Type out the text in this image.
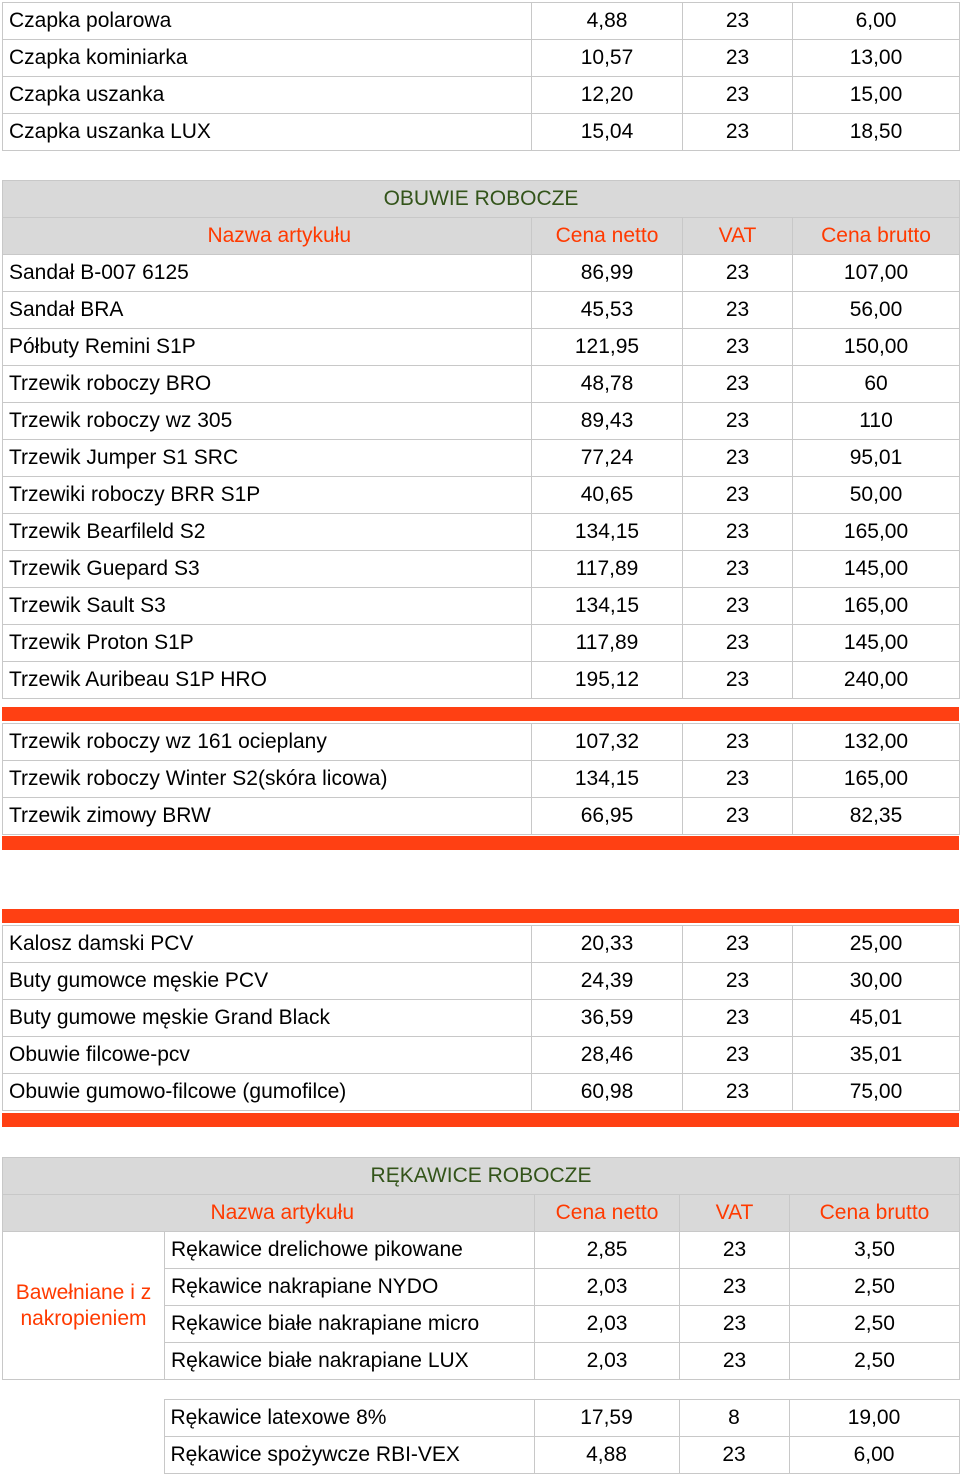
Czapka polarowa	4,88	23	6,00
Czapka kominiarka	10,57	23	13,00
Czapka uszanka	12,20	23	15,00
Czapka uszanka LUX	15,04	23	18,50
OBUWIE ROBOCZE			
Nazwa artykułu	Cena netto	VAT	Cena brutto
Sandał B-007 6125	86,99	23	107,00
Sandał BRA	45,53	23	56,00
Półbuty Remini S1P	121,95	23	150,00
Trzewik roboczy BRO	48,78	23	60
Trzewik roboczy wz 305	89,43	23	110
Trzewik Jumper S1 SRC	77,24	23	95,01
Trzewiki roboczy BRR S1P	40,65	23	50,00
Trzewik Bearfileld S2	134,15	23	165,00
Trzewik Guepard S3	117,89	23	145,00
Trzewik Sault S3	134,15	23	165,00
Trzewik Proton S1P	117,89	23	145,00
Trzewik Auribeau S1P HRO	195,12	23	240,00
Trzewik roboczy wz 161 ocieplany	107,32	23	132,00
Trzewik roboczy Winter S2(skóra licowa)	134,15	23	165,00
Trzewik zimowy BRW	66,95	23	82,35
Kalosz damski PCV	20,33	23	25,00
Buty gumowce męskie PCV	24,39	23	30,00
Buty gumowe męskie Grand Black	36,59	23	45,01
Obuwie filcowe-pcv	28,46	23	35,01
Obuwie gumowo-filcowe (gumofilce)	60,98	23	75,00
RĘKAWICE ROBOCZE				
Nazwa artykułu		Cena netto	VAT	Cena brutto
Bawełniane i z nakropieniem	Rękawice drelichowe pikowane	2,85	23	3,50
	Rękawice nakrapiane NYDO	2,03	23	2,50
	Rękawice białe nakrapiane micro	2,03	23	2,50
	Rękawice białe nakrapiane LUX	2,03	23	2,50
	Rękawice latexowe 8%	17,59	8	19,00
	Rękawice spożywcze RBI-VEX	4,88	23	6,00
